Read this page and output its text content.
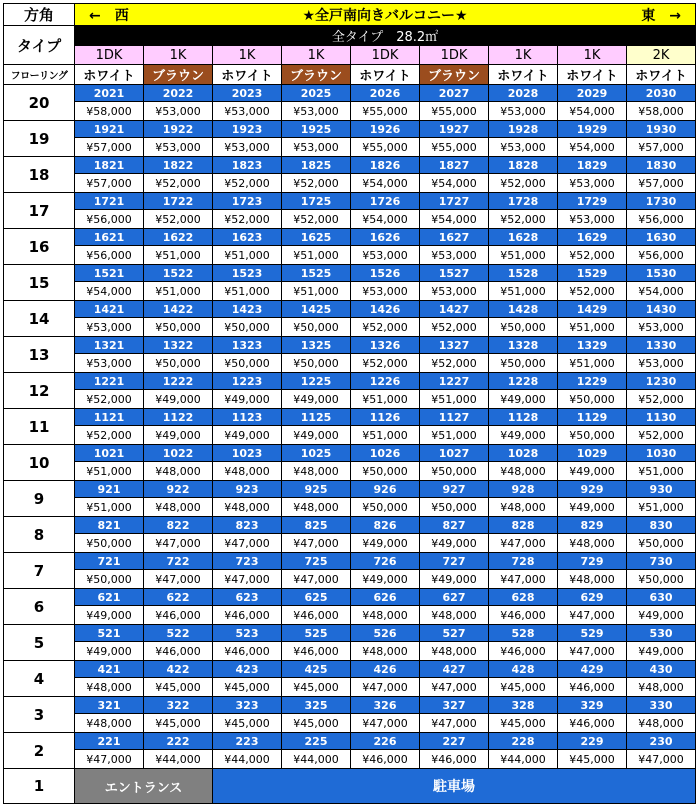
方角	←　西 ★全戸南向きバルコニー★ 東　→								

タイプ	全タイプ　28.2㎡								
	1DK	1K	1K	1K	1DK	1DK	1K	1K	2K
フローリング	ホワイト	ブラウン	ホワイト	ブラウン	ホワイト	ブラウン	ホワイト	ホワイト	ホワイト
20	2021	2022	2023	2025	2026	2027	2028	2029	2030
	¥58,000	¥53,000	¥53,000	¥53,000	¥55,000	¥55,000	¥53,000	¥54,000	¥58,000
19	1921	1922	1923	1925	1926	1927	1928	1929	1930
	¥57,000	¥53,000	¥53,000	¥53,000	¥55,000	¥55,000	¥53,000	¥54,000	¥57,000
18	1821	1822	1823	1825	1826	1827	1828	1829	1830
	¥57,000	¥52,000	¥52,000	¥52,000	¥54,000	¥54,000	¥52,000	¥53,000	¥57,000
17	1721	1722	1723	1725	1726	1727	1728	1729	1730
	¥56,000	¥52,000	¥52,000	¥52,000	¥54,000	¥54,000	¥52,000	¥53,000	¥56,000
16	1621	1622	1623	1625	1626	1627	1628	1629	1630
	¥56,000	¥51,000	¥51,000	¥51,000	¥53,000	¥53,000	¥51,000	¥52,000	¥56,000
15	1521	1522	1523	1525	1526	1527	1528	1529	1530
	¥54,000	¥51,000	¥51,000	¥51,000	¥53,000	¥53,000	¥51,000	¥52,000	¥54,000
14	1421	1422	1423	1425	1426	1427	1428	1429	1430
	¥53,000	¥50,000	¥50,000	¥50,000	¥52,000	¥52,000	¥50,000	¥51,000	¥53,000
13	1321	1322	1323	1325	1326	1327	1328	1329	1330
	¥53,000	¥50,000	¥50,000	¥50,000	¥52,000	¥52,000	¥50,000	¥51,000	¥53,000
12	1221	1222	1223	1225	1226	1227	1228	1229	1230
	¥52,000	¥49,000	¥49,000	¥49,000	¥51,000	¥51,000	¥49,000	¥50,000	¥52,000
11	1121	1122	1123	1125	1126	1127	1128	1129	1130
	¥52,000	¥49,000	¥49,000	¥49,000	¥51,000	¥51,000	¥49,000	¥50,000	¥52,000
10	1021	1022	1023	1025	1026	1027	1028	1029	1030
	¥51,000	¥48,000	¥48,000	¥48,000	¥50,000	¥50,000	¥48,000	¥49,000	¥51,000
9	921	922	923	925	926	927	928	929	930
	¥51,000	¥48,000	¥48,000	¥48,000	¥50,000	¥50,000	¥48,000	¥49,000	¥51,000
8	821	822	823	825	826	827	828	829	830
	¥50,000	¥47,000	¥47,000	¥47,000	¥49,000	¥49,000	¥47,000	¥48,000	¥50,000
7	721	722	723	725	726	727	728	729	730
	¥50,000	¥47,000	¥47,000	¥47,000	¥49,000	¥49,000	¥47,000	¥48,000	¥50,000
6	621	622	623	625	626	627	628	629	630
	¥49,000	¥46,000	¥46,000	¥46,000	¥48,000	¥48,000	¥46,000	¥47,000	¥49,000
5	521	522	523	525	526	527	528	529	530
	¥49,000	¥46,000	¥46,000	¥46,000	¥48,000	¥48,000	¥46,000	¥47,000	¥49,000
4	421	422	423	425	426	427	428	429	430
	¥48,000	¥45,000	¥45,000	¥45,000	¥47,000	¥47,000	¥45,000	¥46,000	¥48,000
3	321	322	323	325	326	327	328	329	330
	¥48,000	¥45,000	¥45,000	¥45,000	¥47,000	¥47,000	¥45,000	¥46,000	¥48,000
2	221	222	223	225	226	227	228	229	230
	¥47,000	¥44,000	¥44,000	¥44,000	¥46,000	¥46,000	¥44,000	¥45,000	¥47,000
1	エントランス		駐車場						
